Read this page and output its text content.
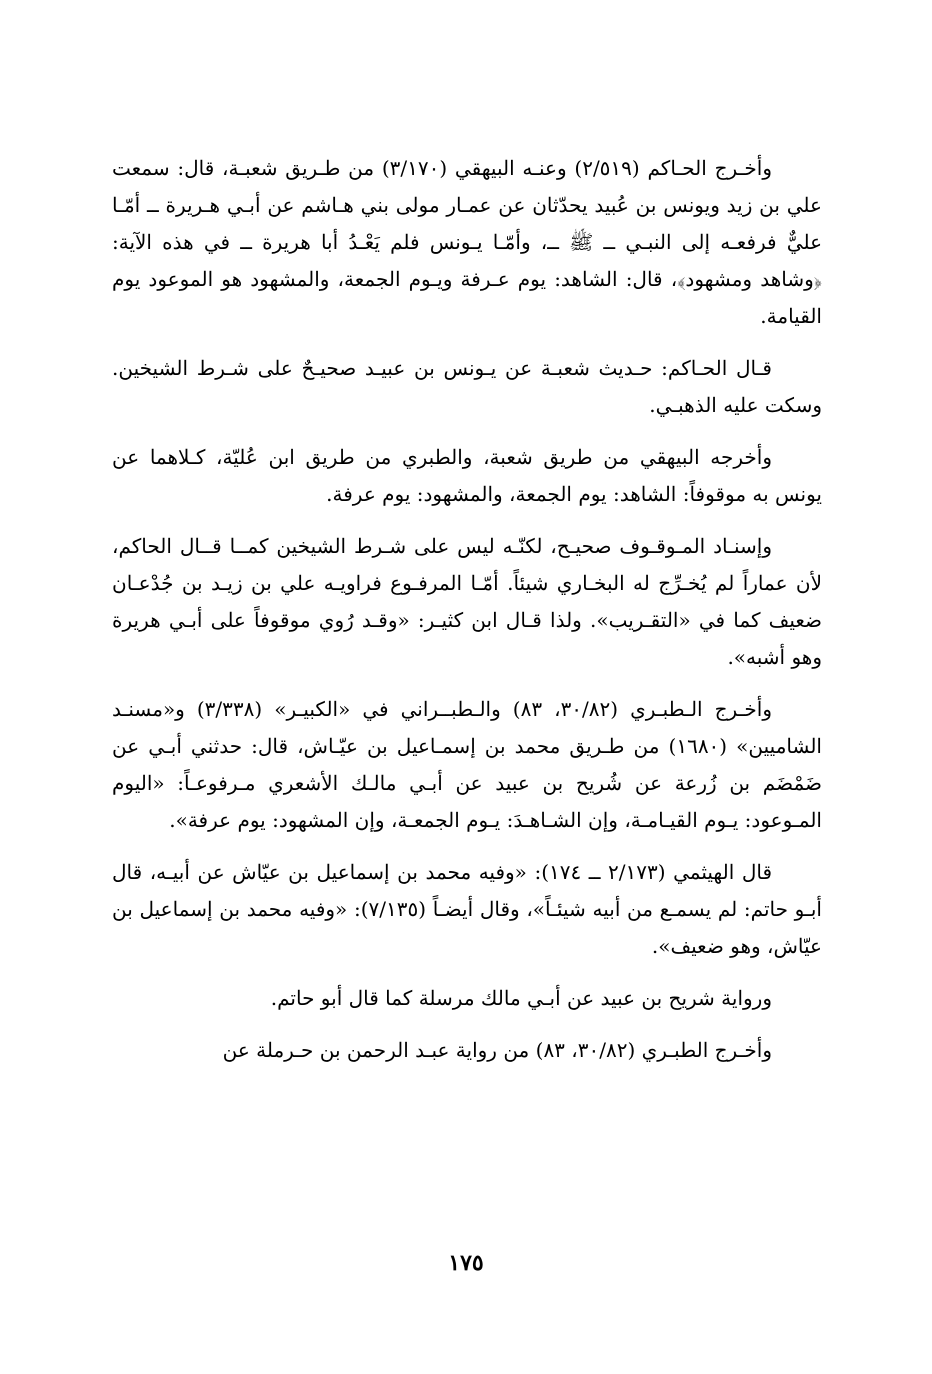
وأخـرج الحـاكم (٢/٥١٩) وعنـه البيهقي (٣/١٧٠) من طـريق شعبـة، قال: سمعت علي بن زيد ويونس بن عُبيد يحدّثان عن عمـار مولى بني هـاشم عن أبـي هـريرة ــ أمّـا عليٌّ فرفعـه إلى النبـي ــ ﷺ ــ، وأمّـا يـونس فلم يَعْـدُ أبا هريرة ــ في هذه الآية: ﴿وشاهد ومشهود﴾، قال: الشاهد: يوم عـرفة ويـوم الجمعة، والمشهود هو الموعود يوم القيامة.

قـال الحـاكم: حـديث شعبـة عن يـونس بن عبيـد صحيـحٌ على شـرط الشيخين. وسكت عليه الذهبـي.

وأخرجه البيهقي من طريق شعبة، والطبري من طريق ابن عُليّة، كـلاهما عن يونس به موقوفاً: الشاهد: يوم الجمعة، والمشهود: يوم عرفة.

وإسنـاد المـوقـوف صحيـح، لكنّـه ليس على شـرط الشيخين كمــا قــال الحاكم، لأن عماراً لم يُخـرِّج له البخـاري شيئاً. أمّـا المرفـوع فراويـه علي بن زيـد بن جُدْعـان ضعيف كما في «التقـريب». ولذا قـال ابن كثيـر: «وقـد رُوي موقوفاً على أبـي هريرة وهو أشبه».

وأخـرج الـطبـري (٣٠/٨٢، ٨٣) والـطبــراني في «الكبيـر» (٣/٣٣٨) و«مسنـد الشاميين» (١٦٨٠) من طـريق محمد بن إسمـاعيل بن عيّـاش، قال: حدثني أبـي عن ضَمْضَم بن زُرعة عن شُريح بن عبيد عن أبـي مالـك الأشعري مـرفوعـاً: «اليوم المـوعود: يـوم القيـامـة، وإن الشـاهـدَ: يـوم الجمعـة، وإن المشهود: يوم عرفة».

قال الهيثمي (٢/١٧٣ ــ ١٧٤): «وفيه محمد بن إسماعيل بن عيّاش عن أبيـه، قال أبـو حاتم: لم يسمـع من أبيه شيئـاً»، وقال أيضـاً (٧/١٣٥): «وفيه محمد بن إسماعيل بن عيّاش، وهو ضعيف».

ورواية شريح بن عبيد عن أبـي مالك مرسلة كما قال أبو حاتم.

وأخـرج الطبـري (٣٠/٨٢، ٨٣) من رواية عبـد الرحمن بن حـرملة عن

١٧٥
